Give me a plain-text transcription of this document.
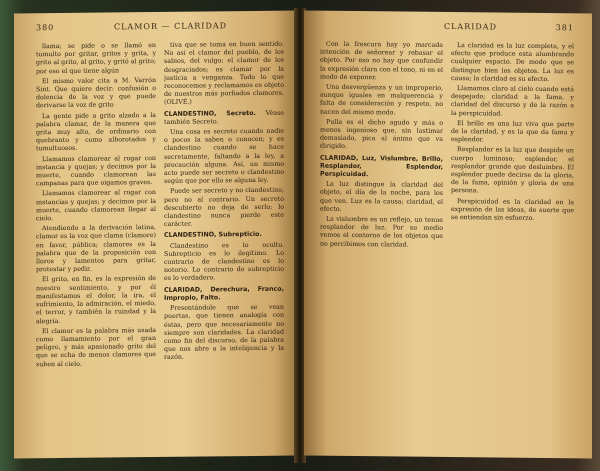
380	CLAMOR — CLARIDAD

llama; se pide o se llamó en tumulto por gritar, gritos y grita, y grito al grito, al grito, y gritó al grito; por eso el que tiene algún

El mismo valor cita a M. Varrón Sint. Que quiere decir: confusión o dolencia de la voz y que puede derivarse la voz de grito

La gente pide a grito alzado a la palabra clamar, de la manera que grita muy alto, de ordinario con quebranto y como alborotados y tumultuosos.

Llamamos clamorear al rogar con instancia y quejas; y decimos por la muerte, cuando clamorean las campanas para que oigamos graves.

Llamamos clamorear al rogar con instancias y quejas; y decimos por la muerte, cuando clamorean llegar al cielo.

Atendiendo a la derivación latina, clamor es la voz que clama (clamore) en favor, pública; clamores es la palabra que de la proposición con lloros y lamentos para gritar, protestar y pedir.

El grito, en fin, es la expresión de nuestro sentimiento, y por él manifestamos el dolor, la ira, el sufrimiento, la admiración, el miedo, el terror, y también la ruindad y la alegría.

El clamor es la palabra más usada como llamamiento por el gran peligro, y más apasionado grito del que se echa de menos clamores que suben al cielo.

tiva que se toma en buen sentido. No así el clamor del pueblo, de los sabios, del vulgo; el clamor de los desgraciados; es clamar por la justicia a venganza. Todo lo que reconocemos y reclamamos es objeto de nuestros más porfiados clamores. (OLIVÉ.)

CLANDESTINO, Secreto. Véase también Secreto.

Una cosa es secreto cuando nadie o pocos la saben o conocen; y es clandestino cuando se hace secretamente, faltando a la ley, a precaución alguna. Así, un mismo acto puede ser secreto o clandestino según que por ello se alguna ley.

Puede ser secreto y no clandestino, pero no al contrario. Un secreto descubierto no deja de serlo; lo clandestino nunca pierde este carácter.

CLANDESTINO, Subrepticio.

Clandestino es lo oculto. Subrepticio es lo ilegítimo. Lo contrario de clandestino es lo notorio. Lo contrario de subrepticio es lo verdadero.

CLARIDAD, Derechura, Franco, Impropio, Falto.

Presentándole que se vean puertas, que tienen analogía con éstas, pero que necesariamente no siempre son claridades. La claridad como fin del discurso, de la palabra que nos abre a la inteligencia y la razón.

CLARIDAD	381

Con la frescura hay yo marcada intención de señorear y rebasar el objeto. Por eso no hay que confundir la expresión clara con el tono, ni en el modo de exponer.

Una desvergüenza y un improperio, aunque iguales en malquerencia y falta de consideración y respeto, no nacen del mismo modo.

Pulla es el dicho agudo y más o menos ingenioso que, sin lastimar demasiado, pica al ánimo que va dirigido.

CLARIDAD, Luz, Vislumbre, Brillo, Resplandor, Esplendor, Perspicuidad.

La luz distingue la claridad del objeto, el día de la noche, para los que ven. Luz es la causa; claridad, el efecto.

La vislumbre es un reflejo, un tenue resplandor de luz. Por su medio vemos el contorno de los objetos que no percibimos con claridad.

La claridad es la luz completa, y el efecto que produce esta alumbrando cualquier espacio. De modo que se distingue bien los objetos. La luz es causa; la claridad es su efecto.

Llamamos claro al cielo cuando está despejado; claridad a la fama, y claridad del discurso y de la razón a la perspicuidad.

El brillo es una luz viva que parte de la claridad, y es la que da fama y esplendor.

Resplandor es la luz que despide un cuerpo luminoso; esplendor, el resplandor grande que deslumbra. El esplendor puede decirse de la gloria, de la fama, opinión y gloria de una persona.

Perspicuidad es la claridad en la expresión de las ideas, de suerte que se entiendan sin esfuerzo.
